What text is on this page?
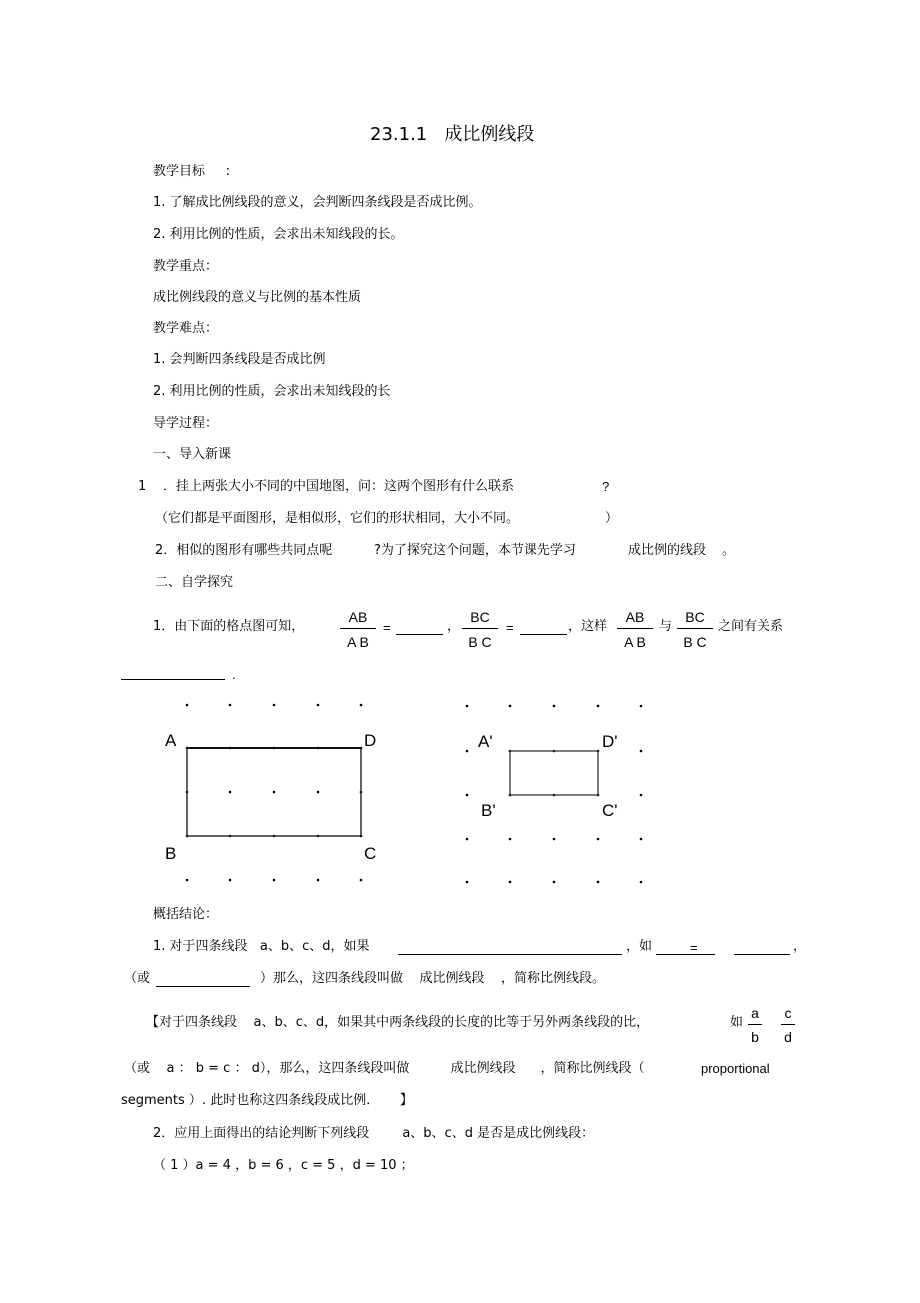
23.1.1   成比例线段
教学目标     :
1. 了解成比例线段的意义，会判断四条线段是否成比例。
2. 利用比例的性质，会求出未知线段的长。
教学重点：
成比例线段的意义与比例的基本性质
教学难点：
1. 会判断四条线段是否成比例
2. 利用比例的性质，会求出未知线段的长
导学过程：
一、导入新课
1 ．挂上两张大小不同的中国地图，问：这两个图形有什么联系	?
（它们都是平面图形，是相似形，它们的形状相同，大小不同。	）
2．相似的图形有哪些共同点呢	?为了探究这个问题，本节课先学习	成比例的线段 。
二、自学探究
1．由下面的格点图可知，
AB
A B
=	，
BC
B C
=	，这样
AB
A B
与
BC
B C
之间有关系
.
A	D
B	C
A'	D'
B'	C'
概括结论：
1. 对于四条线段   a、b、c、d，如果	，如	=	，
（或	）那么，这四条线段叫做    成比例线段    ，简称比例线段。
【对于四条线段    a、b、c、d，如果其中两条线段的长度的比等于另外两条线段的比，	如
a
b
c
d
（或    a ： b = c ： d），那么，这四条线段叫做          成比例线段      ，简称比例线段（	proportional
segments ）. 此时也称这四条线段成比例．     】
2．应用上面得出的结论判断下列线段        a、b、c、d 是否是成比例线段：
（ 1 ）a = 4 ，b = 6 ，c = 5 ，d = 10 ；
